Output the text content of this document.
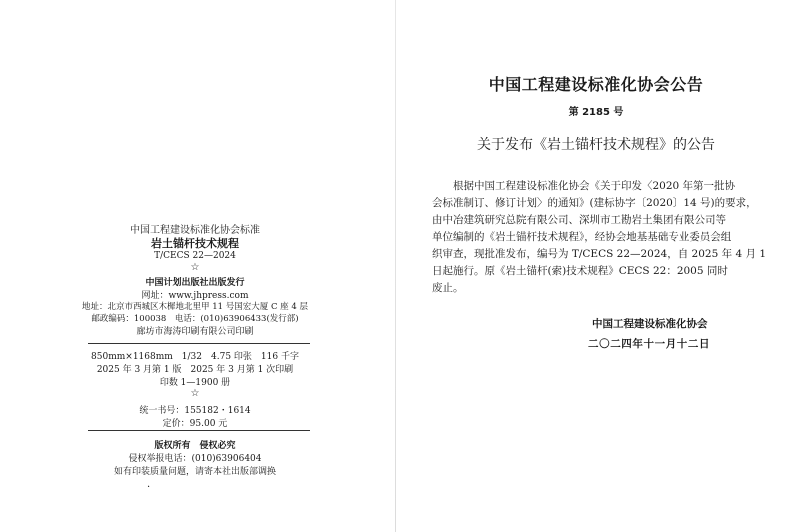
中国工程建设标准化协会标准
岩土锚杆技术规程
T/CECS 22—2024
☆
中国计划出版社出版发行
网址：www.jhpress.com
地址：北京市西城区木樨地北里甲 11 号国宏大厦 C 座 4 层
邮政编码：100038　电话：(010)63906433(发行部)
廊坊市海涛印刷有限公司印刷
850mm×1168mm　1/32　4.75 印张　116 千字
2025 年 3 月第 1 版　2025 年 3 月第 1 次印刷
印数 1—1900 册
☆
统一书号：155182・1614
定价：95.00 元
版权所有　侵权必究
侵权举报电话：(010)63906404
如有印装质量问题，请寄本社出版部调换
·
中国工程建设标准化协会公告
第 2185 号
关于发布《岩土锚杆技术规程》的公告
　　根据中国工程建设标准化协会《关于印发〈2020 年第一批协
会标准制订、修订计划〉的通知》(建标协字〔2020〕14 号)的要求，
由中冶建筑研究总院有限公司、深圳市工勘岩土集团有限公司等
单位编制的《岩土锚杆技术规程》，经协会地基基础专业委员会组
织审查，现批准发布，编号为 T/CECS 22—2024，自 2025 年 4 月 1
日起施行。原《岩土锚杆(索)技术规程》CECS 22：2005 同时
废止。
中国工程建设标准化协会
二〇二四年十一月十二日
